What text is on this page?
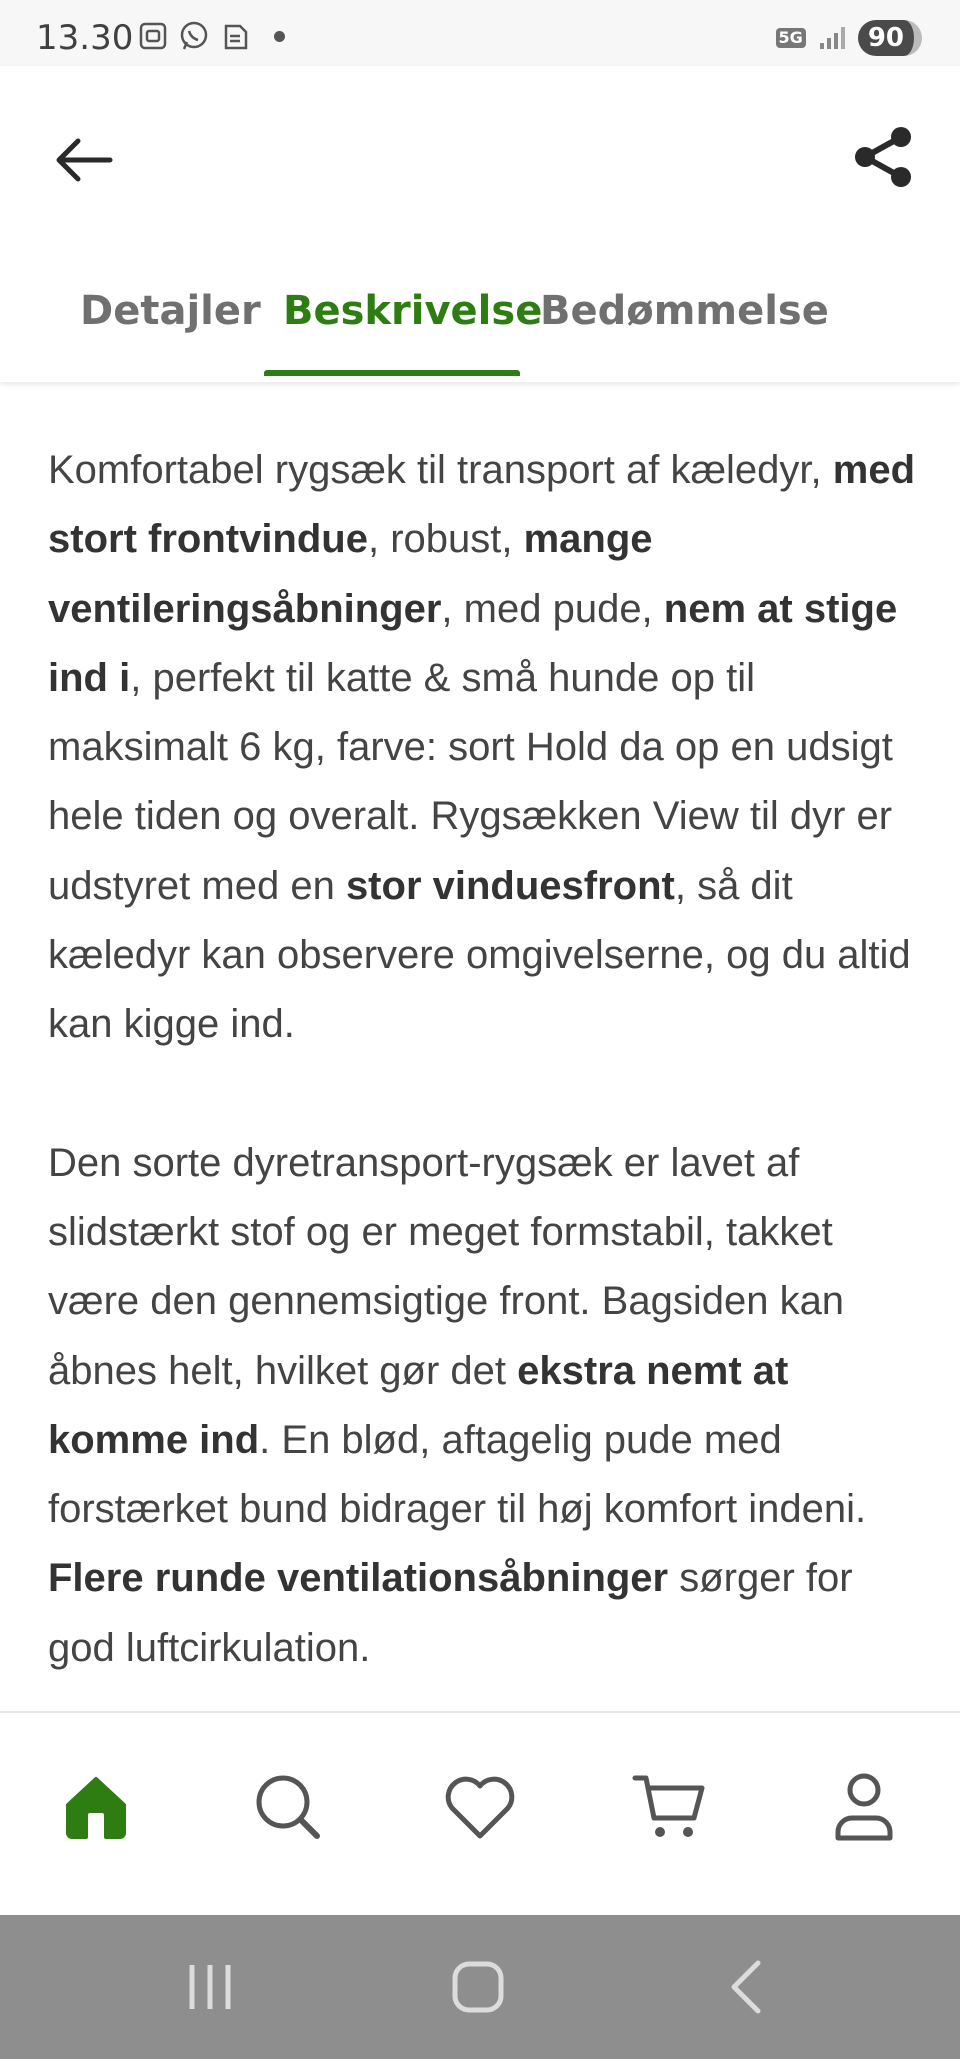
13.30	5G	90
Detajler Beskrivelse
Bedømmelse

Komfortabel rygsæk til transport af kæledyr, med stort frontvindue, robust, mange ventileringsåbninger, med pude, nem at stige ind i, perfekt til katte & små hunde op til maksimalt 6 kg, farve: sort Hold da op en udsigt hele tiden og overalt. Rygsækken View til dyr er udstyret med en stor vinduesfront, så dit kæledyr kan observere omgivelserne, og du altid kan kigge ind.

Den sorte dyretransport-rygsæk er lavet af slidstærkt stof og er meget formstabil, takket være den gennemsigtige front. Bagsiden kan åbnes helt, hvilket gør det ekstra nemt at komme ind. En blød, aftagelig pude med forstærket bund bidrager til høj komfort indeni. Flere runde ventilationsåbninger sørger for god luftcirkulation.
